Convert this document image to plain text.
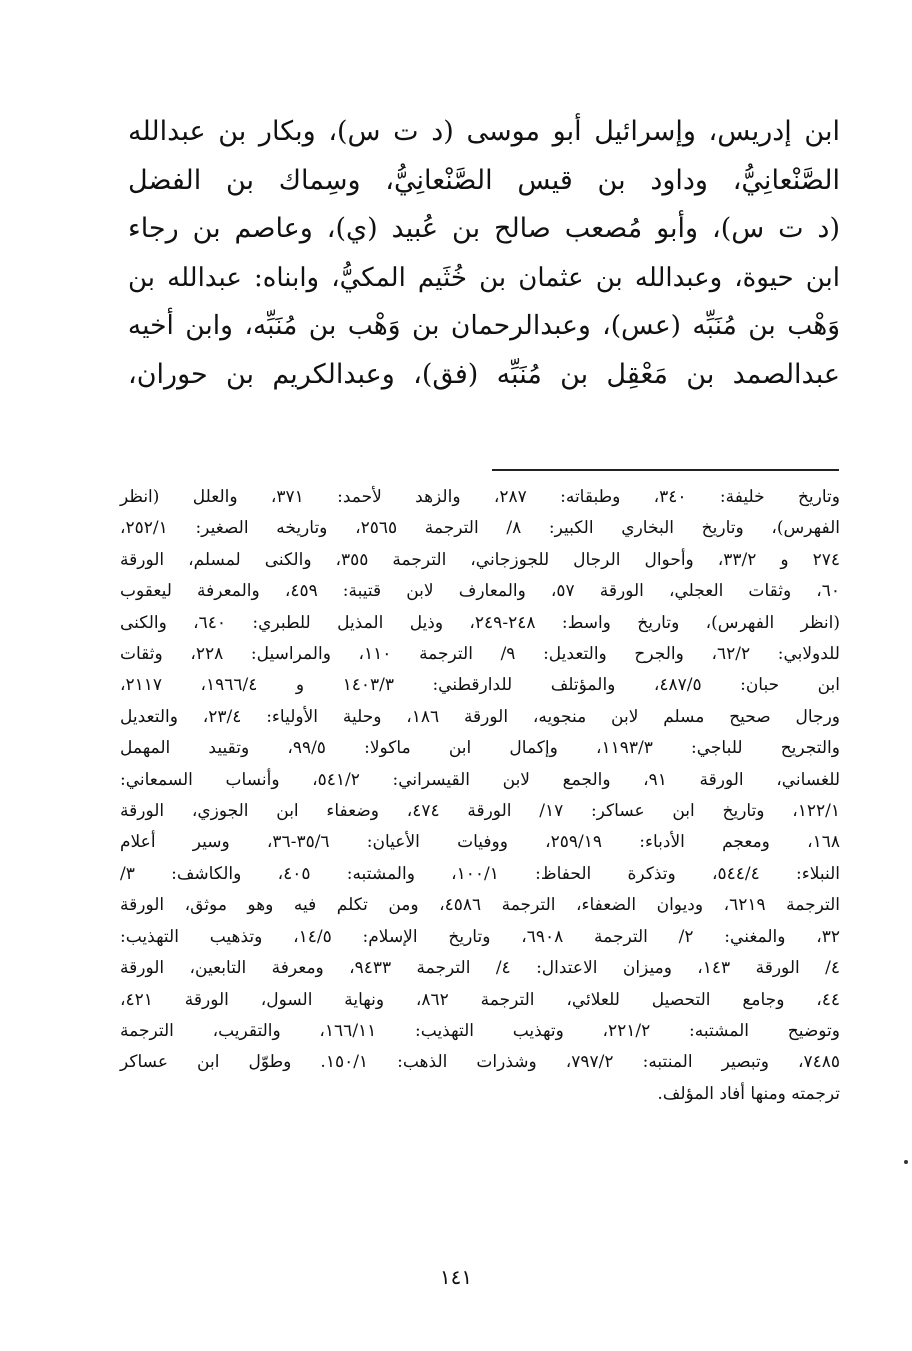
ابن إدريس، وإسرائيل أبو موسى (د ت س)، وبكار بن عبدالله
الصَّنْعانِيُّ، وداود بن قيس الصَّنْعانِيُّ، وسِماك بن الفضل
(د ت س)، وأبو مُصعب صالح بن عُبيد (ي)، وعاصم بن رجاء
ابن حيوة، وعبدالله بن عثمان بن خُثَيم المكيُّ، وابناه: عبدالله بن
وَهْب بن مُنَبِّه (عس)، وعبدالرحمان بن وَهْب بن مُنَبِّه، وابن أخيه
عبدالصمد بن مَعْقِل بن مُنَبِّه (فق)، وعبدالكريم بن حوران،
وتاريخ خليفة: ٣٤٠، وطبقاته: ٢٨٧، والزهد لأحمد: ٣٧١، والعلل (انظر
الفهرس)، وتاريخ البخاري الكبير: ٨/ الترجمة ٢٥٦٥، وتاريخه الصغير: ٢٥٢/١،
٢٧٤ و ٣٣/٢، وأحوال الرجال للجوزجاني، الترجمة ٣٥٥، والكنى لمسلم، الورقة
٦٠، وثقات العجلي، الورقة ٥٧، والمعارف لابن قتيبة: ٤٥٩، والمعرفة ليعقوب
(انظر الفهرس)، وتاريخ واسط: ٢٤٨-٢٤٩، وذيل المذيل للطبري: ٦٤٠، والكنى
للدولابي: ٦٢/٢، والجرح والتعديل: ٩/ الترجمة ١١٠، والمراسيل: ٢٢٨، وثقات
ابن حبان: ٤٨٧/٥، والمؤتلف للدارقطني: ١٤٠٣/٣ و ١٩٦٦/٤، ٢١١٧،
ورجال صحيح مسلم لابن منجويه، الورقة ١٨٦، وحلية الأولياء: ٢٣/٤، والتعديل
والتجريح للباجي: ١١٩٣/٣، وإكمال ابن ماكولا: ٩٩/٥، وتقييد المهمل
للغساني، الورقة ٩١، والجمع لابن القيسراني: ٥٤١/٢، وأنساب السمعاني:
١٢٢/١، وتاريخ ابن عساكر: ١٧/ الورقة ٤٧٤، وضعفاء ابن الجوزي، الورقة
١٦٨، ومعجم الأدباء: ٢٥٩/١٩، ووفيات الأعيان: ٣٥/٦-٣٦، وسير أعلام
النبلاء: ٥٤٤/٤، وتذكرة الحفاظ: ١٠٠/١، والمشتبه: ٤٠٥، والكاشف: ٣/
الترجمة ٦٢١٩، وديوان الضعفاء، الترجمة ٤٥٨٦، ومن تكلم فيه وهو موثق، الورقة
٣٢، والمغني: ٢/ الترجمة ٦٩٠٨، وتاريخ الإسلام: ١٤/٥، وتذهيب التهذيب:
٤/ الورقة ١٤٣، وميزان الاعتدال: ٤/ الترجمة ٩٤٣٣، ومعرفة التابعين، الورقة
٤٤، وجامع التحصيل للعلائي، الترجمة ٨٦٢، ونهاية السول، الورقة ٤٢١،
وتوضيح المشتبه: ٢٢١/٢، وتهذيب التهذيب: ١٦٦/١١، والتقريب، الترجمة
٧٤٨٥، وتبصير المنتبه: ٧٩٧/٢، وشذرات الذهب: ١٥٠/١. وطوّل ابن عساكر
ترجمته ومنها أفاد المؤلف.
١٤١
